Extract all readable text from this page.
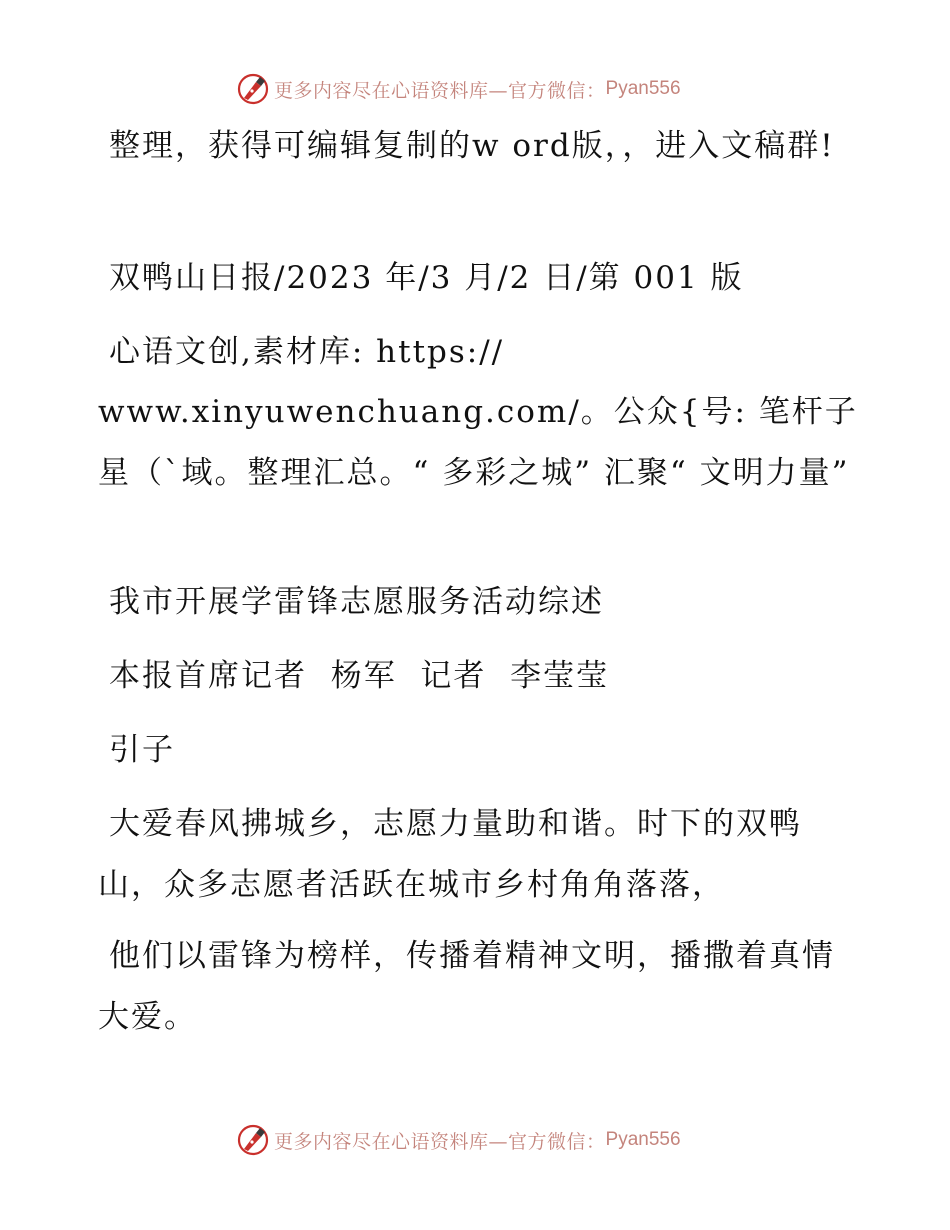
更多内容尽在心语资料库—官方微信： Pyan556
整理，获得可编辑复制的w ord版，，进入文稿群!
双鸭山日报/2023 年/3 月/2 日/第 001 版
心语文创,素材库: https://
www.xinyuwenchuang.com/。公众{号: 笔杆子星（`域。整理汇总。“ 多彩之城” 汇聚“ 文明力量”
我市开展学雷锋志愿服务活动综述
本报首席记者  杨军  记者  李莹莹
引子
大爱春风拂城乡，志愿力量助和谐。时下的双鸭山，众多志愿者活跃在城市乡村角角落落，
他们以雷锋为榜样，传播着精神文明，播撒着真情大爱。
更多内容尽在心语资料库—官方微信： Pyan556
